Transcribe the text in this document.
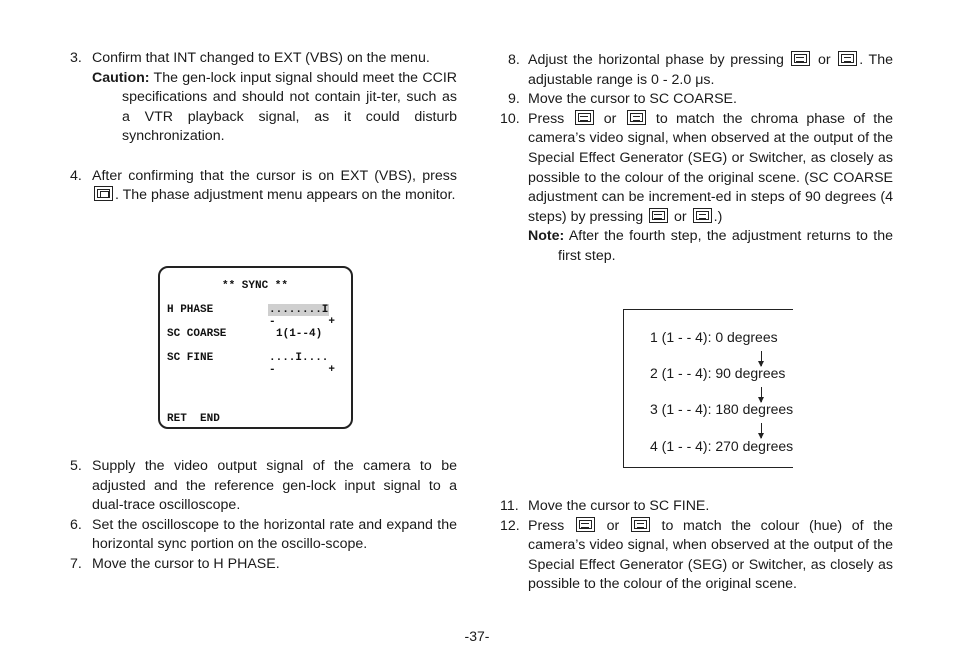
3. Confirm that INT changed to EXT (VBS) on the menu.
Caution: The gen-lock input signal should meet the CCIR specifications and should not contain jit-ter, such as a VTR playback signal, as it could disturb synchronization.
4. After confirming that the cursor is on EXT (VBS), press . The phase adjustment menu appears on the monitor.
** SYNC **
H PHASE	........I
-        +
SC COARSE	1(1--4)
SC FINE	....I....
-        +
RET  END
5. Supply the video output signal of the camera to be adjusted and the reference gen-lock input signal to a dual-trace oscilloscope.
6. Set the oscilloscope to the horizontal rate and expand the horizontal sync portion on the oscillo-scope.
7. Move the cursor to H PHASE.
8. Adjust the horizontal phase by pressing or . The adjustable range is 0 - 2.0 μs.
9. Move the cursor to SC COARSE.
10. Press	or	to match the chroma phase of the camera’s video signal, when observed at the output of the Special Effect Generator (SEG) or Switcher, as closely as possible to the colour of the original scene. (SC COARSE adjustment can be increment-ed in steps of 90 degrees (4 steps) by pressing or .)
Note: After the fourth step, the adjustment returns to the first step.
1 (1 - - 4): 0 degrees
2 (1 - - 4): 90 degrees
3 (1 - - 4): 180 degrees
4 (1 - - 4): 270 degrees
11. Move the cursor to SC FINE.
12. Press	or	to match the colour (hue) of the camera’s video signal, when observed at the output of the Special Effect Generator (SEG) or Switcher, as closely as possible to the colour of the original scene.
-37-
